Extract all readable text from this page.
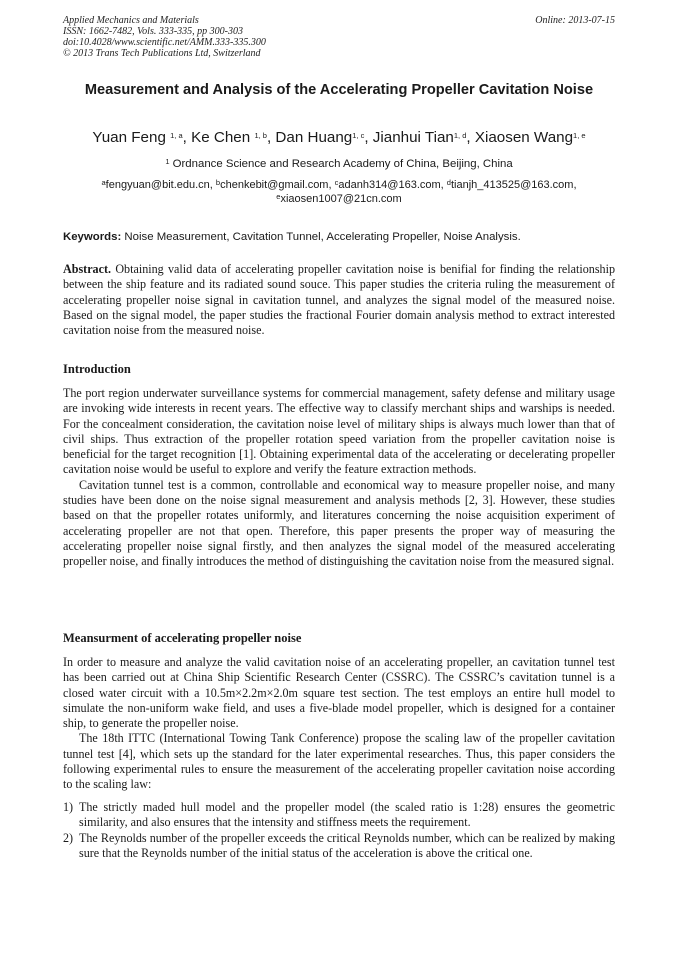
Applied Mechanics and Materials
ISSN: 1662-7482, Vols. 333-335, pp 300-303
doi:10.4028/www.scientific.net/AMM.333-335.300
© 2013 Trans Tech Publications Ltd, Switzerland
Online: 2013-07-15
Measurement and Analysis of the Accelerating Propeller Cavitation Noise
Yuan Feng $^{1, a}$, Ke Chen $^{1, b}$, Dan Huang$^{1, c}$, Jianhui Tian$^{1, d}$, Xiaosen Wang$^{1, e}$
$^1$ Ordnance Science and Research Academy of China, Beijing, China
$^a$fengyuan@bit.edu.cn, $^b$chenkebit@gmail.com, $^c$adanh314@163.com, $^d$tianjh_413525@163.com,
$^e$xiaosen1007@21cn.com
Keywords: Noise Measurement, Cavitation Tunnel, Accelerating Propeller, Noise Analysis.

Abstract. Obtaining valid data of accelerating propeller cavitation noise is benifial for finding the relationship between the ship feature and its radiated sound souce. This paper studies the criteria ruling the measurement of accelerating propeller noise signal in cavitation tunnel, and analyzes the signal model of the measured noise. Based on the signal model, the paper studies the fractional Fourier domain analysis method to extract interested cavitation noise from the measured noise.

Introduction

The port region underwater surveillance systems for commercial management, safety defense and military usage are invoking wide interests in recent years. The effective way to classify merchant ships and warships is needed. For the concealment consideration, the cavitation noise level of military ships is always much lower than that of civil ships. Thus extraction of the propeller rotation speed variation from the propeller cavitation noise is beneficial for the target recognition [1]. Obtaining experimental data of the accelerating or decelerating propeller cavitation noise would be useful to explore and verify the feature extraction methods.

Cavitation tunnel test is a common, controllable and economical way to measure propeller noise, and many studies have been done on the noise signal measurement and analysis methods [2, 3]. However, these studies based on that the propeller rotates uniformly, and literatures concerning the noise acquisition experiment of accelerating propeller are not that open. Therefore, this paper presents the proper way of measuring the accelerating propeller noise signal firstly, and then analyzes the signal model of the measured accelerating propeller noise, and finally introduces the method of distinguishing the cavitation noise from the measured signal.

Meansurment of accelerating propeller noise

In order to measure and analyze the valid cavitation noise of an accelerating propeller, an cavitation tunnel test has been carried out at China Ship Scientific Research Center (CSSRC). The CSSRC’s cavitation tunnel is a closed water circuit with a 10.5m×2.2m×2.0m square test section. The test employs an entire hull model to simulate the non-uniform wake field, and uses a five-blade model propeller, which is designed for a container ship, to generate the propeller noise.

The 18th ITTC (International Towing Tank Conference) propose the scaling law of the propeller cavitation tunnel test [4], which sets up the standard for the later experimental researches. Thus, this paper considers the following experimental rules to ensure the measurement of the accelerating propeller cavitation noise according to the scaling law:

1) The strictly maded hull model and the propeller model (the scaled ratio is 1:28) ensures the geometric similarity, and also ensures that the intensity and stiffness meets the requirement.
2) The Reynolds number of the propeller exceeds the critical Reynolds number, which can be realized by making sure that the Reynolds number of the initial status of the acceleration is above the critical one.
